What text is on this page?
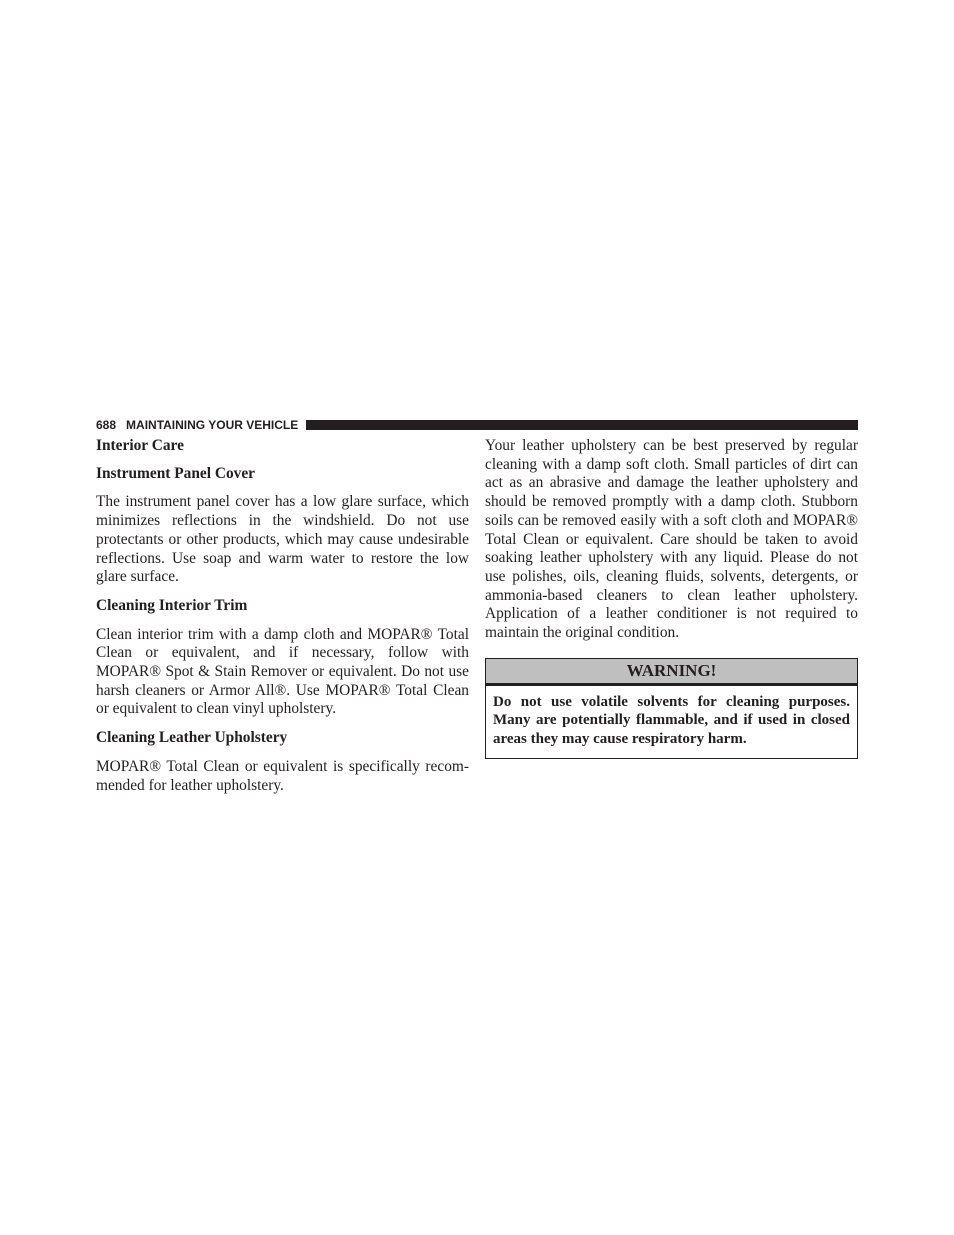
688 MAINTAINING YOUR VEHICLE
Interior Care
Instrument Panel Cover

The instrument panel cover has a low glare surface, which minimizes reflections in the windshield. Do not use protectants or other products, which may cause undesirable reflections. Use soap and warm water to restore the low glare surface.

Cleaning Interior Trim

Clean interior trim with a damp cloth and MOPAR® Total Clean or equivalent, and if necessary, follow with MOPAR® Spot & Stain Remover or equivalent. Do not use harsh cleaners or Armor All®. Use MOPAR® Total Clean or equivalent to clean vinyl upholstery.

Cleaning Leather Upholstery

MOPAR® Total Clean or equivalent is specifically recom-mended for leather upholstery.

Your leather upholstery can be best preserved by regular cleaning with a damp soft cloth. Small particles of dirt can act as an abrasive and damage the leather upholstery and should be removed promptly with a damp cloth. Stubborn soils can be removed easily with a soft cloth and MOPAR® Total Clean or equivalent. Care should be taken to avoid soaking leather upholstery with any liquid. Please do not use polishes, oils, cleaning fluids, solvents, detergents, or ammonia-based cleaners to clean leather upholstery. Application of a leather conditioner is not required to maintain the original condition.

WARNING!
Do not use volatile solvents for cleaning purposes. Many are potentially flammable, and if used in closed areas they may cause respiratory harm.
